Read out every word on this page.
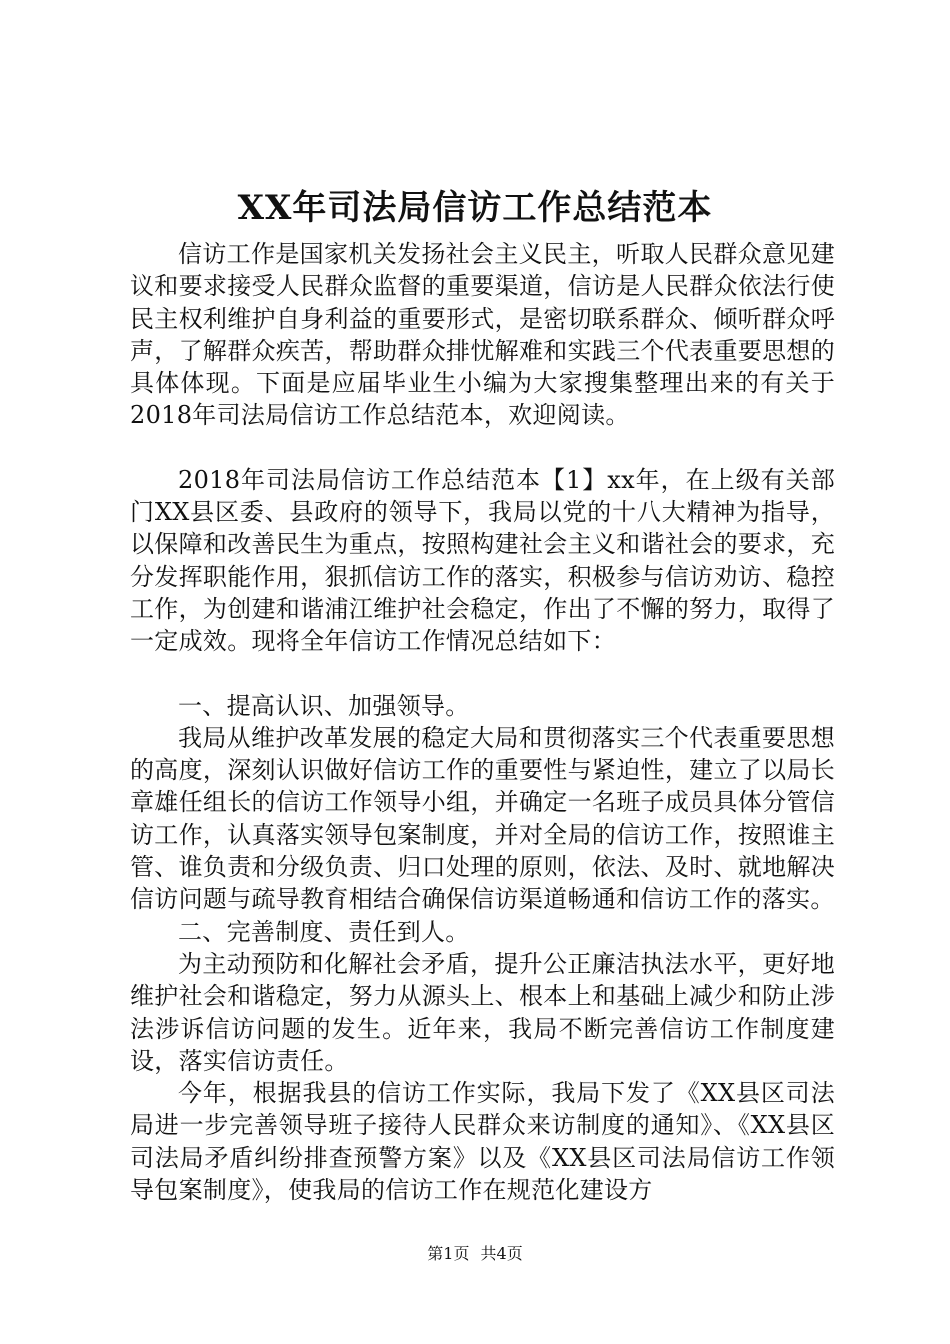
XX年司法局信访工作总结范本

信访工作是国家机关发扬社会主义民主，听取人民群众意见建议和要求接受人民群众监督的重要渠道，信访是人民群众依法行使民主权利维护自身利益的重要形式，是密切联系群众、倾听群众呼声，了解群众疾苦，帮助群众排忧解难和实践三个代表重要思想的具体体现。下面是应届毕业生小编为大家搜集整理出来的有关于2018年司法局信访工作总结范本，欢迎阅读。

2018年司法局信访工作总结范本【1】xx年，在上级有关部门XX县区委、县政府的领导下，我局以党的十八大精神为指导，以保障和改善民生为重点，按照构建社会主义和谐社会的要求，充分发挥职能作用，狠抓信访工作的落实，积极参与信访劝访、稳控工作，为创建和谐浦江维护社会稳定，作出了不懈的努力，取得了一定成效。现将全年信访工作情况总结如下：

一、提高认识、加强领导。

我局从维护改革发展的稳定大局和贯彻落实三个代表重要思想的高度，深刻认识做好信访工作的重要性与紧迫性，建立了以局长章雄任组长的信访工作领导小组，并确定一名班子成员具体分管信访工作，认真落实领导包案制度，并对全局的信访工作，按照谁主管、谁负责和分级负责、归口处理的原则，依法、及时、就地解决信访问题与疏导教育相结合确保信访渠道畅通和信访工作的落实。

二、完善制度、责任到人。

为主动预防和化解社会矛盾，提升公正廉洁执法水平，更好地维护社会和谐稳定，努力从源头上、根本上和基础上减少和防止涉法涉诉信访问题的发生。近年来，我局不断完善信访工作制度建设，落实信访责任。

今年，根据我县的信访工作实际，我局下发了《XX县区司法局进一步完善领导班子接待人民群众来访制度的通知》、《XX县区司法局矛盾纠纷排查预警方案》以及《XX县区司法局信访工作领导包案制度》，使我局的信访工作在规范化建设方

第1页 共4页
